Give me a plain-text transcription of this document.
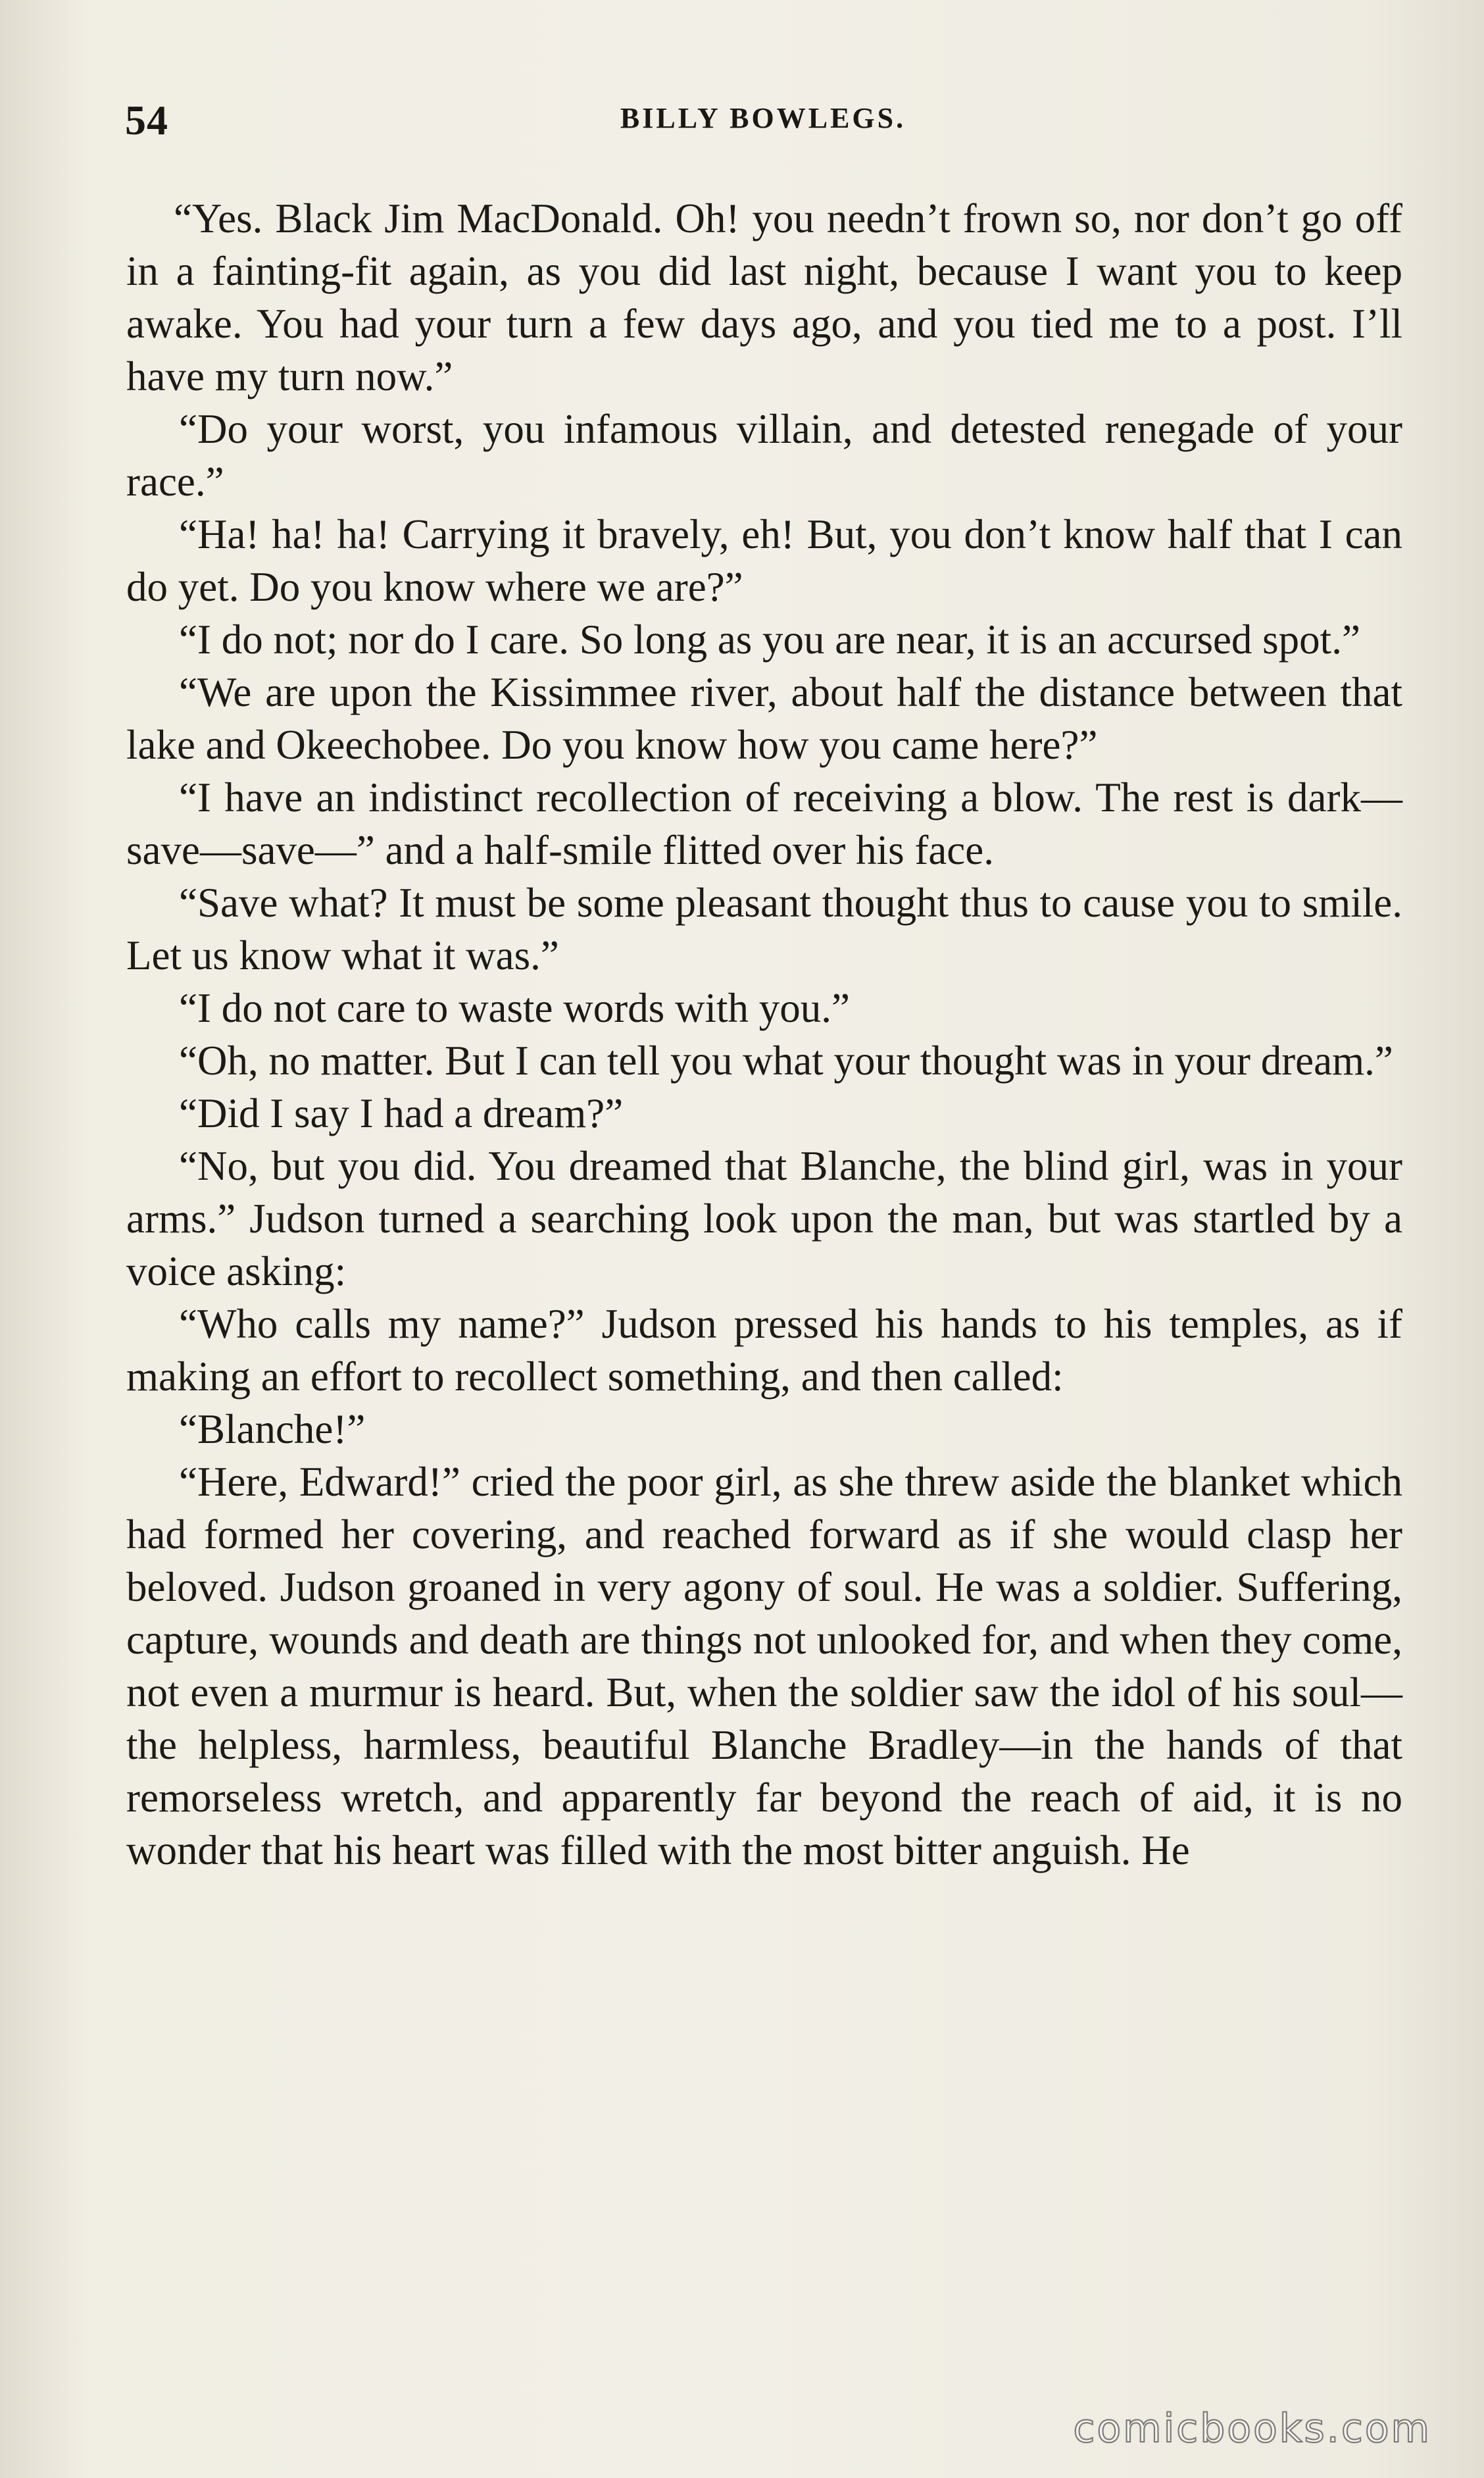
54	BILLY BOWLEGS.

“Yes. Black Jim MacDonald. Oh! you needn’t frown so, nor don’t go off in a fainting-fit again, as you did last night, because I want you to keep awake. You had your turn a few days ago, and you tied me to a post. I’ll have my turn now.”

“Do your worst, you infamous villain, and detested renegade of your race.”

“Ha! ha! ha! Carrying it bravely, eh! But, you don’t know half that I can do yet. Do you know where we are?”

“I do not; nor do I care. So long as you are near, it is an accursed spot.”

“We are upon the Kissimmee river, about half the distance between that lake and Okeechobee. Do you know how you came here?”

“I have an indistinct recollection of receiving a blow. The rest is dark—save—save—” and a half-smile flitted over his face.

“Save what? It must be some pleasant thought thus to cause you to smile. Let us know what it was.”

“I do not care to waste words with you.”

“Oh, no matter. But I can tell you what your thought was in your dream.”

“Did I say I had a dream?”

“No, but you did. You dreamed that Blanche, the blind girl, was in your arms.” Judson turned a searching look upon the man, but was startled by a voice asking:

“Who calls my name?” Judson pressed his hands to his temples, as if making an effort to recollect something, and then called:

“Blanche!”

“Here, Edward!” cried the poor girl, as she threw aside the blanket which had formed her covering, and reached forward as if she would clasp her beloved. Judson groaned in very agony of soul. He was a soldier. Suffering, capture, wounds and death are things not unlooked for, and when they come, not even a murmur is heard. But, when the soldier saw the idol of his soul—the helpless, harmless, beautiful Blanche Bradley—in the hands of that remorseless wretch, and apparently far beyond the reach of aid, it is no wonder that his heart was filled with the most bitter anguish. He

comicbooks.com
